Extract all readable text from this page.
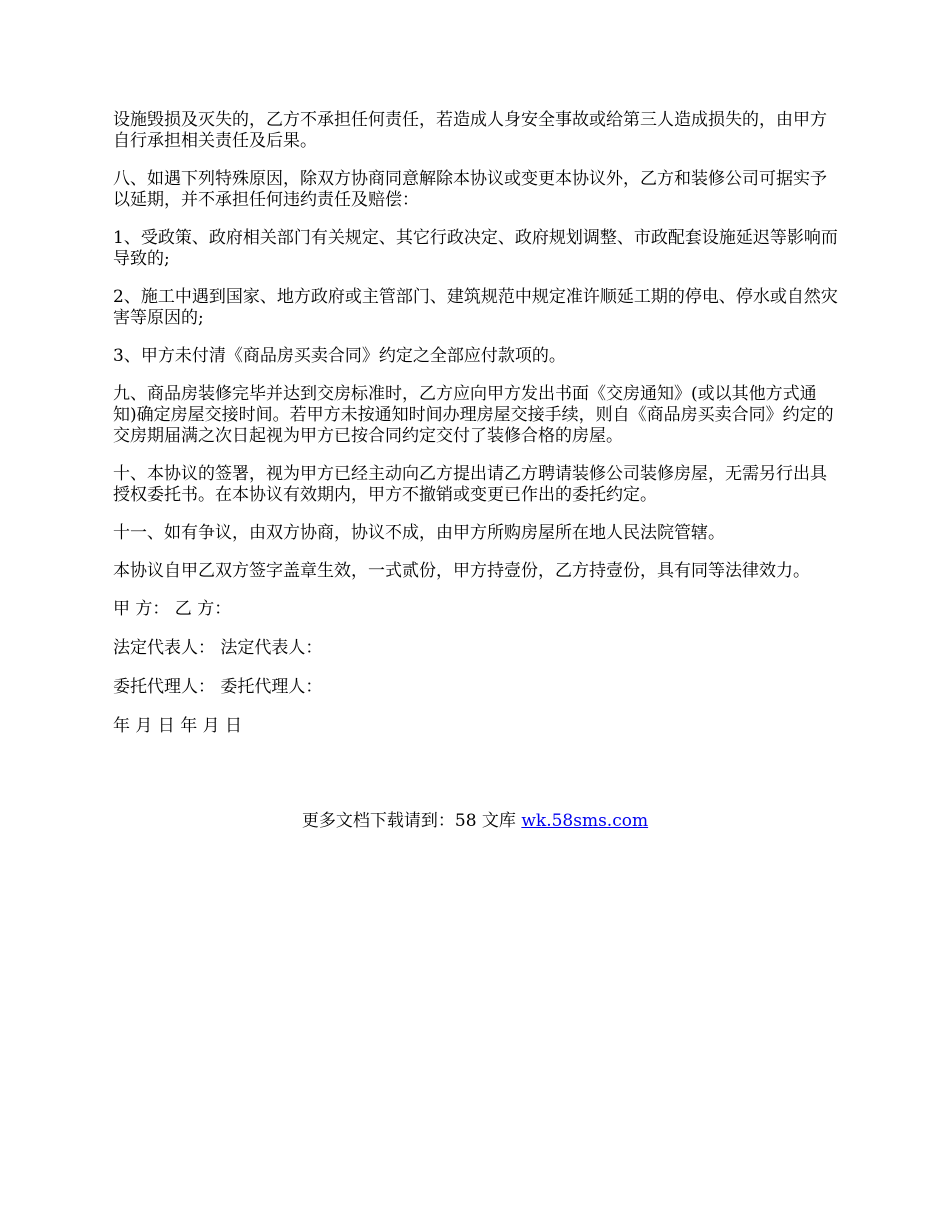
设施毁损及灭失的，乙方不承担任何责任，若造成人身安全事故或给第三人造成损失的，由甲方自行承担相关责任及后果。

八、如遇下列特殊原因，除双方协商同意解除本协议或变更本协议外，乙方和装修公司可据实予以延期，并不承担任何违约责任及赔偿：

1、受政策、政府相关部门有关规定、其它行政决定、政府规划调整、市政配套设施延迟等影响而导致的;

2、施工中遇到国家、地方政府或主管部门、建筑规范中规定准许顺延工期的停电、停水或自然灾害等原因的;

3、甲方未付清《商品房买卖合同》约定之全部应付款项的。

九、商品房装修完毕并达到交房标准时，乙方应向甲方发出书面《交房通知》(或以其他方式通知)确定房屋交接时间。若甲方未按通知时间办理房屋交接手续，则自《商品房买卖合同》约定的交房期届满之次日起视为甲方已按合同约定交付了装修合格的房屋。

十、本协议的签署，视为甲方已经主动向乙方提出请乙方聘请装修公司装修房屋，无需另行出具授权委托书。在本协议有效期内，甲方不撤销或变更已作出的委托约定。

十一、如有争议，由双方协商，协议不成，由甲方所购房屋所在地人民法院管辖。

本协议自甲乙双方签字盖章生效，一式贰份，甲方持壹份，乙方持壹份，具有同等法律效力。

甲 方： 乙 方：

法定代表人： 法定代表人：

委托代理人： 委托代理人：

年 月 日 年 月 日

更多文档下载请到：58 文库 wk.58sms.com
